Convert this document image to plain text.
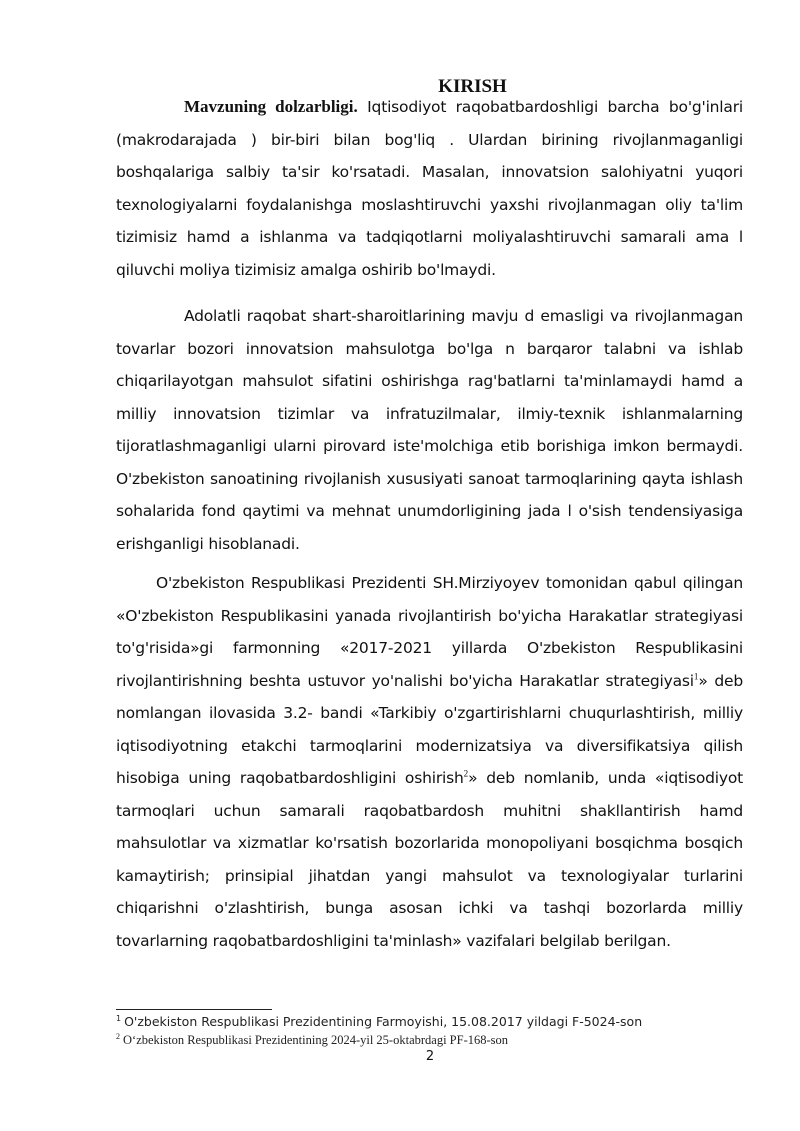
KIRISH

Mavzuning dolzarbligi. Iqtisodiyot raqobatbardoshligi barcha bo'g'inlari (makrodarajada ) bir-biri bilan bog'liq . Ulardan birining rivojlanmaganligi boshqalariga salbiy ta'sir ko'rsatadi. Masalan, innovatsion salohiyatni yuqori texnologiyalarni foydalanishga moslashtiruvchi yaxshi rivojlanmagan oliy ta'lim tizimisiz hamd a ishlanma va tadqiqotlarni moliyalashtiruvchi samarali ama l qiluvchi moliya tizimisiz amalga oshirib bo'lmaydi.

Adolatli raqobat shart-sharoitlarining mavju d emasligi va rivojlanmagan tovarlar bozori innovatsion mahsulotga bo'lga n barqaror talabni va ishlab chiqarilayotgan mahsulot sifatini oshirishga rag'batlarni ta'minlamaydi hamd a milliy innovatsion tizimlar va infratuzilmalar, ilmiy-texnik ishlanmalarning tijoratlashmaganligi ularni pirovard iste'molchiga etib borishiga imkon bermaydi. O'zbekiston sanoatining rivojlanish xususiyati sanoat tarmoqlarining qayta ishlash sohalarida fond qaytimi va mehnat unumdorligining jada l o'sish tendensiyasiga erishganligi hisoblanadi.

O'zbekiston Respublikasi Prezidenti SH.Mirziyoyev tomonidan qabul qilingan «O'zbekiston Respublikasini yanada rivojlantirish bo'yicha Harakatlar strategiyasi to'g'risida»gi farmonning «2017-2021 yillarda O'zbekiston Respublikasini rivojlantirishning beshta ustuvor yo'nalishi bo'yicha Harakatlar strategiyasi$^1$» deb nomlangan ilovasida 3.2- bandi «Tarkibiy o'zgartirishlarni chuqurlashtirish, milliy iqtisodiyotning etakchi tarmoqlarini modernizatsiya va diversifikatsiya qilish hisobiga uning raqobatbardoshligini oshirish$^2$» deb nomlanib, unda «iqtisodiyot tarmoqlari uchun samarali raqobatbardosh muhitni shakllantirish hamd mahsulotlar va xizmatlar ko'rsatish bozorlarida monopoliyani bosqichma bosqich kamaytirish; prinsipial jihatdan yangi mahsulot va texnologiyalar turlarini chiqarishni o'zlashtirish, bunga asosan ichki va tashqi bozorlarda milliy tovarlarning raqobatbardoshligini ta'minlash» vazifalari belgilab berilgan.

$^1$ O'zbekiston Respublikasi Prezidentining Farmoyishi, 15.08.2017 yildagi F-5024-son
$^2$ O‘zbekiston Respublikasi Prezidentining 2024-yil 25-oktabrdagi PF-168-son
2
